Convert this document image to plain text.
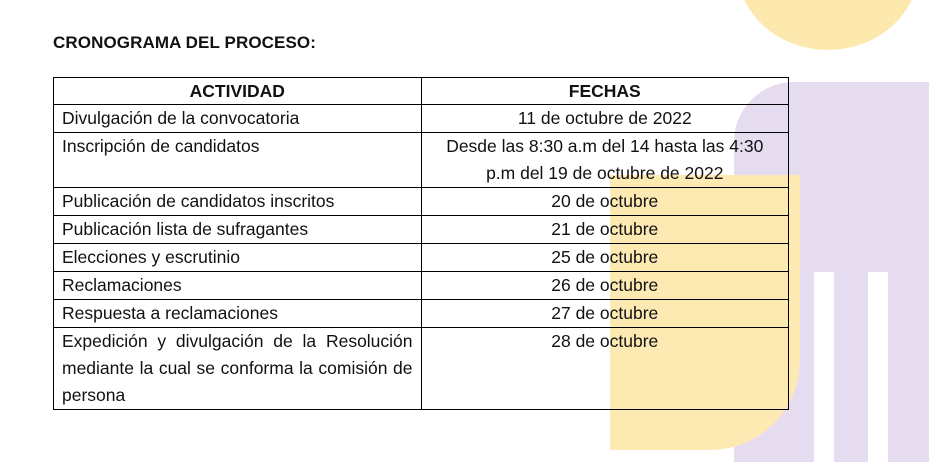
CRONOGRAMA DEL PROCESO:
ACTIVIDAD	FECHAS
Divulgación de la convocatoria	11 de octubre de 2022
Inscripción de candidatos	Desde las 8:30 a.m del 14 hasta las 4:30 p.m del 19 de octubre de 2022
Publicación de candidatos inscritos	20 de octubre
Publicación lista de sufragantes	21 de octubre
Elecciones y escrutinio	25 de octubre
Reclamaciones	26 de octubre
Respuesta a reclamaciones	27 de octubre
Expedición y divulgación de la Resolución mediante la cual se conforma la comisión de persona	28 de octubre
